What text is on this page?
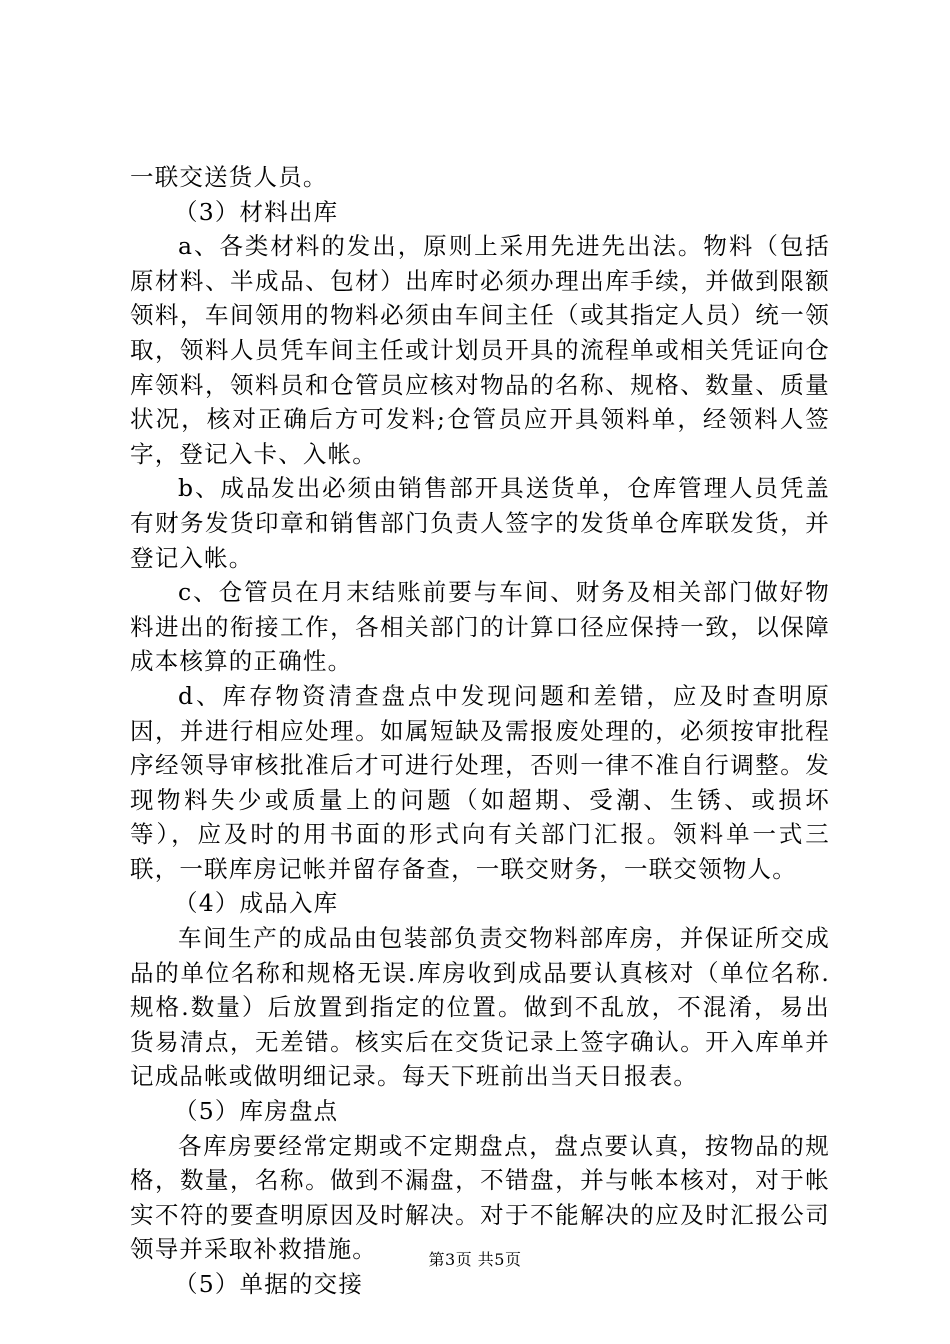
一联交送货人员。

（3）材料出库

a、各类材料的发出，原则上采用先进先出法。物料（包括原材料、半成品、包材）出库时必须办理出库手续，并做到限额领料，车间领用的物料必须由车间主任（或其指定人员）统一领取，领料人员凭车间主任或计划员开具的流程单或相关凭证向仓库领料，领料员和仓管员应核对物品的名称、规格、数量、质量状况，核对正确后方可发料;仓管员应开具领料单，经领料人签字，登记入卡、入帐。

b、成品发出必须由销售部开具送货单，仓库管理人员凭盖有财务发货印章和销售部门负责人签字的发货单仓库联发货，并登记入帐。

c、仓管员在月末结账前要与车间、财务及相关部门做好物料进出的衔接工作，各相关部门的计算口径应保持一致，以保障成本核算的正确性。

d、库存物资清查盘点中发现问题和差错，应及时查明原因，并进行相应处理。如属短缺及需报废处理的，必须按审批程序经领导审核批准后才可进行处理，否则一律不准自行调整。发现物料失少或质量上的问题（如超期、受潮、生锈、或损坏等），应及时的用书面的形式向有关部门汇报。领料单一式三联，一联库房记帐并留存备查，一联交财务，一联交领物人。

（4）成品入库

车间生产的成品由包装部负责交物料部库房，并保证所交成品的单位名称和规格无误.库房收到成品要认真核对（单位名称.规格.数量）后放置到指定的位置。做到不乱放，不混淆，易出货易清点，无差错。核实后在交货记录上签字确认。开入库单并记成品帐或做明细记录。每天下班前出当天日报表。

（5）库房盘点

各库房要经常定期或不定期盘点，盘点要认真，按物品的规格，数量，名称。做到不漏盘，不错盘，并与帐本核对，对于帐实不符的要查明原因及时解决。对于不能解决的应及时汇报公司领导并采取补救措施。

（5）单据的交接

第3页 共5页
